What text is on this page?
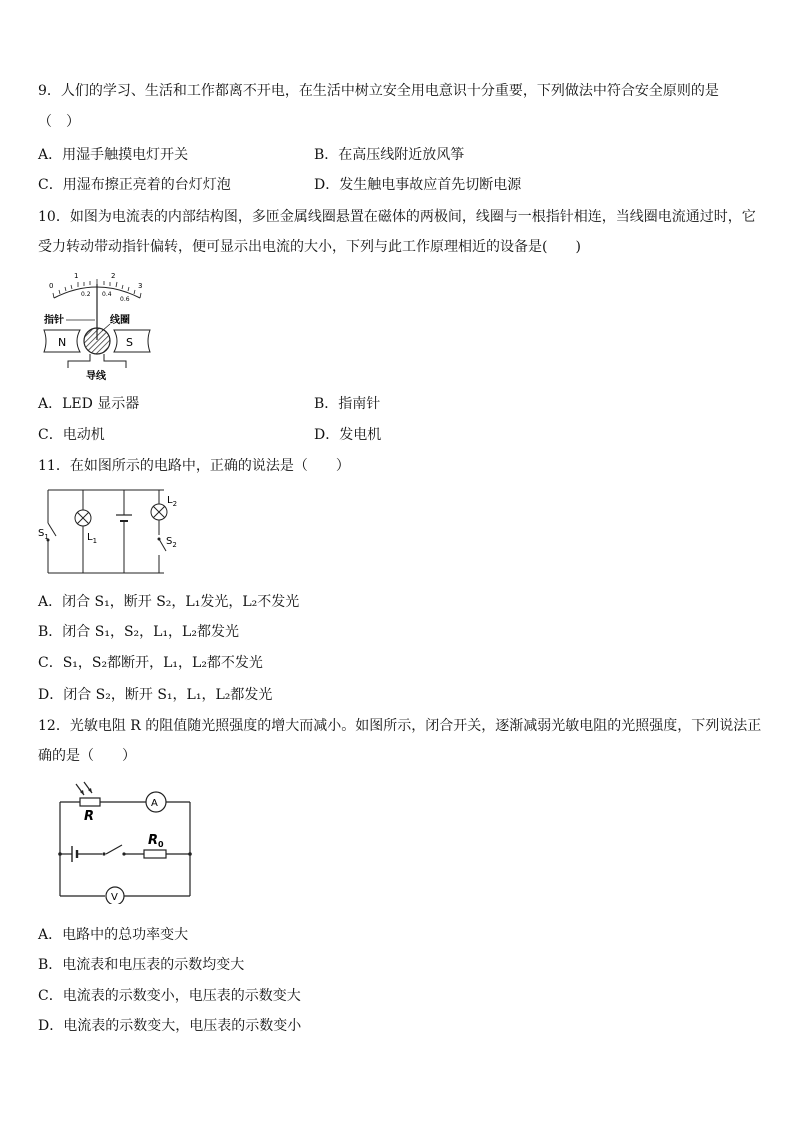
9．人们的学习、生活和工作都离不开电，在生活中树立安全用电意识十分重要，下列做法中符合安全原则的是
（　）
A．用湿手触摸电灯开关	B．在高压线附近放风筝
C．用湿布擦正亮着的台灯灯泡	D．发生触电事故应首先切断电源
10．如图为电流表的内部结构图，多匝金属线圈悬置在磁体的两极间，线圈与一根指针相连，当线圈电流通过时，它
受力转动带动指针偏转，便可显示出电流的大小，下列与此工作原理相近的设备是(　　)
0
1	2
3
0.2 0.4
0.6
N	S
指针	线圈
导线
A．LED 显示器	B．指南针
C．电动机	D．发电机
11．在如图所示的电路中，正确的说法是（　　）
$S_1$	$L_1$
$L_2$
$S_2$
A．闭合 S₁，断开 S₂，L₁发光，L₂不发光
B．闭合 S₁，S₂，L₁，L₂都发光
C．S₁，S₂都断开，L₁，L₂都不发光
D．闭合 S₂，断开 S₁，L₁，L₂都发光
12．光敏电阻 R 的阻值随光照强度的增大而减小。如图所示，闭合开关，逐渐减弱光敏电阻的光照强度，下列说法正
确的是（　　）
R
A
$R_0$
V
A．电路中的总功率变大
B．电流表和电压表的示数均变大
C．电流表的示数变小，电压表的示数变大
D．电流表的示数变大，电压表的示数变小
